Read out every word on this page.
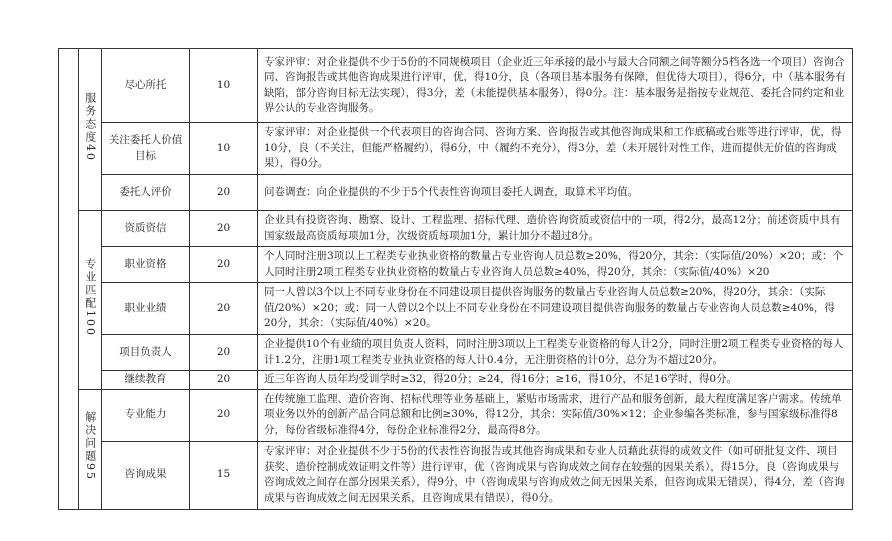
	服务态度40	尽心所托	10	专家评审：对企业提供不少于5份的不同规模项目（企业近三年承接的最小与最大合同额之间等额分5档各选一个项目）咨询合同、咨询报告或其他咨询成果进行评审，优，得10分，良（各项目基本服务有保障，但优待大项目），得6分，中（基本服务有缺陷，部分咨询目标无法实现），得3分，差（未能提供基本服务），得0分。注：基本服务是指按专业规范、委托合同约定和业界公认的专业咨询服务。
		关注委托人价值目标	10	专家评审：对企业提供一个代表项目的咨询合同、咨询方案、咨询报告或其他咨询成果和工作底稿或台账等进行评审，优，得10分，良（不关注，但能严格履约），得6分，中（履约不充分），得3分，差（未开展针对性工作，进而提供无价值的咨询成果），得0分。
		委托人评价	20	问卷调查：向企业提供的不少于5个代表性咨询项目委托人调查，取算术平均值。
	专业匹配100	资质资信	20	企业具有投资咨询、勘察、设计、工程监理、招标代理、造价咨询资质或资信中的一项，得2分，最高12分；前述资质中具有国家级最高资质每项加1分，次级资质每项加1分，累计加分不超过8分。
		职业资格	20	个人同时注册3项以上工程类专业执业资格的数量占专业咨询人员总数≥20%，得20分，其余：（实际值/20%）×20；或：个人同时注册2项工程类专业执业资格的数量占专业咨询人员总数≥40%，得20分，其余：（实际值/40%）×20
		职业业绩	20	同一人曾以3个以上不同专业身份在不同建设项目提供咨询服务的数量占专业咨询人员总数≥20%，得20分，其余：（实际值/20%）×20；或：同一人曾以2个以上不同专业身份在不同建设项目提供咨询服务的数量占专业咨询人员总数≥40%，得20分，其余：（实际值/40%）×20。
		项目负责人	20	企业提供10个有业绩的项目负责人资料，同时注册3项以上工程类专业资格的每人计2分，同时注册2项工程类专业资格的每人计1.2分，注册1项工程类专业执业资格的每人计0.4分，无注册资格的计0分，总分为不超过20分。
		继续教育	20	近三年咨询人员年均受训学时≥32，得20分；≥24，得16分；≥16，得10分，不足16学时，得0分。
	解决问题95	专业能力	20	在传统施工监理、造价咨询、招标代理等业务基础上，紧贴市场需求，进行产品和服务创新，最大程度满足客户需求。传统单项业务以外的创新产品合同总额和比例≥30%，得12分，其余：实际值/30%×12；企业参编各类标准，参与国家级标准得8分，每份省级标准得4分，每份企业标准得2分，最高得8分。
		咨询成果	15	专家评审：对企业提供不少于5份的代表性咨询报告或其他咨询成果和专业人员藉此获得的成效文件（如可研批复文件、项目获奖、造价控制成效证明文件等）进行评审，优（咨询成果与咨询成效之间存在较强的因果关系），得15分，良（咨询成果与咨询成效之间存在部分因果关系），得9分，中（咨询成果与咨询成效之间无因果关系，但咨询成果无错误），得4分，差（咨询成果与咨询成效之间无因果关系，且咨询成果有错误），得0分。
